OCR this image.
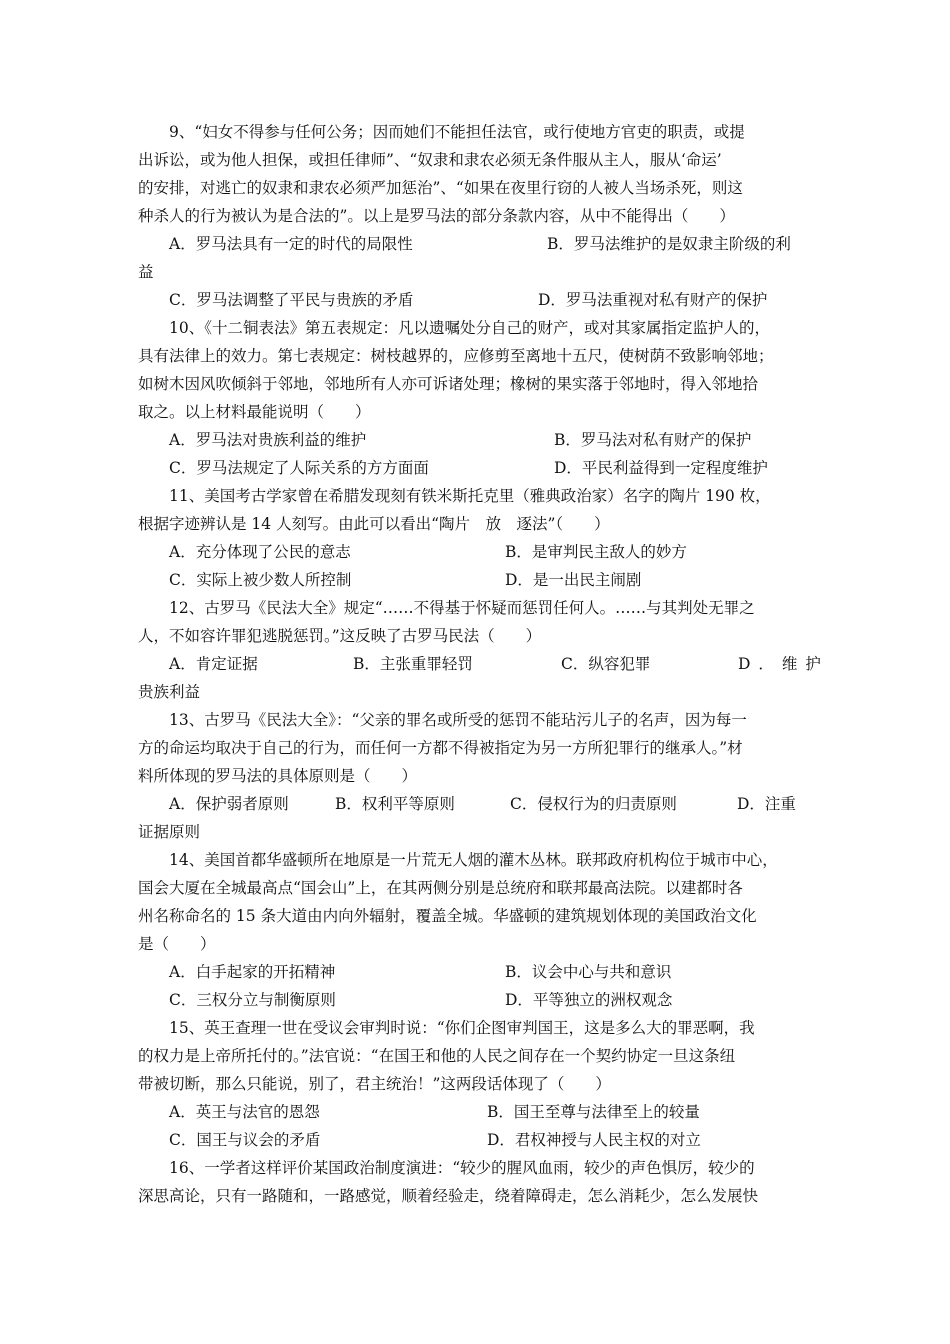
9、“妇女不得参与任何公务；因而她们不能担任法官，或行使地方官吏的职责，或提
出诉讼，或为他人担保，或担任律师”、“奴隶和隶农必须无条件服从主人，服从‘命运’
的安排，对逃亡的奴隶和隶农必须严加惩治”、“如果在夜里行窃的人被人当场杀死，则这
种杀人的行为被认为是合法的”。以上是罗马法的部分条款内容，从中不能得出（　　）
A．罗马法具有一定的时代的局限性	B．罗马法维护的是奴隶主阶级的利
益
C．罗马法调整了平民与贵族的矛盾	D．罗马法重视对私有财产的保护
10、《十二铜表法》第五表规定：凡以遗嘱处分自己的财产，或对其家属指定监护人的，
具有法律上的效力。第七表规定：树枝越界的，应修剪至离地十五尺，使树荫不致影响邻地；
如树木因风吹倾斜于邻地，邻地所有人亦可诉诸处理；橡树的果实落于邻地时，得入邻地拾
取之。以上材料最能说明（　　）
A．罗马法对贵族利益的维护	B．罗马法对私有财产的保护
C．罗马法规定了人际关系的方方面面	D．平民利益得到一定程度维护
11、美国考古学家曾在希腊发现刻有铁米斯托克里（雅典政治家）名字的陶片 190 枚，
根据字迹辨认是 14 人刻写。由此可以看出“陶片　放　逐法”（　　）
A．充分体现了公民的意志	B．是审判民主敌人的妙方
C．实际上被少数人所控制	D．是一出民主闹剧
12、古罗马《民法大全》规定“……不得基于怀疑而惩罚任何人。……与其判处无罪之
人，不如容许罪犯逃脱惩罚。”这反映了古罗马民法（　　）
A．肯定证据	B．主张重罪轻罚	C．纵容犯罪	D．维护
贵族利益
13、古罗马《民法大全》：“父亲的罪名或所受的惩罚不能玷污儿子的名声，因为每一
方的命运均取决于自己的行为，而任何一方都不得被指定为另一方所犯罪行的继承人。”材
料所体现的罗马法的具体原则是（　　）
A．保护弱者原则	B．权利平等原则	C．侵权行为的归责原则	D．注重
证据原则
14、美国首都华盛顿所在地原是一片荒无人烟的灌木丛林。联邦政府机构位于城市中心，
国会大厦在全城最高点“国会山”上，在其两侧分别是总统府和联邦最高法院。以建都时各
州名称命名的 15 条大道由内向外辐射，覆盖全城。华盛顿的建筑规划体现的美国政治文化
是（　　）
A．白手起家的开拓精神	B．议会中心与共和意识
C．三权分立与制衡原则	D．平等独立的洲权观念
15、英王查理一世在受议会审判时说：“你们企图审判国王，这是多么大的罪恶啊，我
的权力是上帝所托付的。”法官说：“在国王和他的人民之间存在一个契约协定一旦这条纽
带被切断，那么只能说，别了，君主统治！”这两段话体现了（　　）
A．英王与法官的恩怨	B．国王至尊与法律至上的较量
C．国王与议会的矛盾	D．君权神授与人民主权的对立
16、一学者这样评价某国政治制度演进：“较少的腥风血雨，较少的声色惧厉，较少的
深思高论，只有一路随和，一路感觉，顺着经验走，绕着障碍走，怎么消耗少，怎么发展快
